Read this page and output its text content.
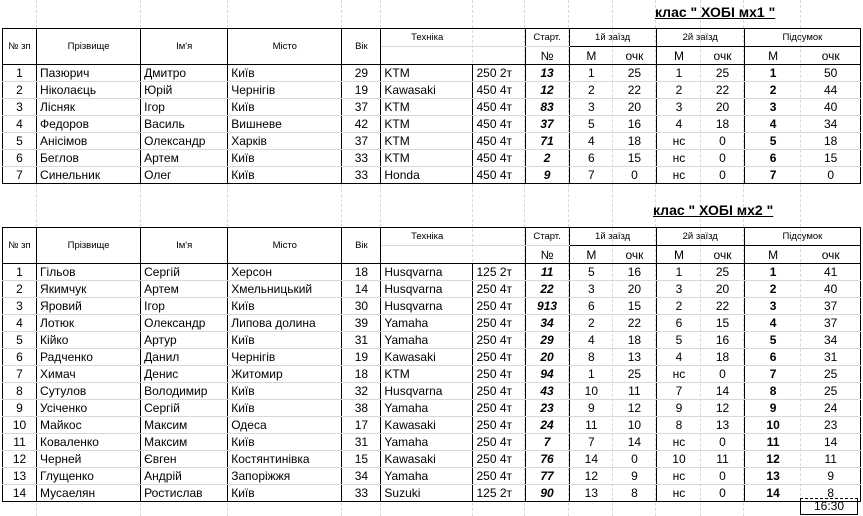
клас " ХОБІ мх1 "
№ зп	Прізвище	Ім'я	Місто	Вік	Техніка		Старт.	1й заїзд		2й заїзд		Підсумок	
							№	М	очк	М	очк	М	очк
1	Пазюрич	Дмитро	Київ	29	KTM	250 2т	13	1	25	1	25	1	50
2	Ніколаєць	Юрій	Чернігів	19	Kawasaki	450 4т	12	2	22	2	22	2	44
3	Лісняк	Ігор	Київ	37	KTM	450 4т	83	3	20	3	20	3	40
4	Федоров	Василь	Вишневе	42	KTM	450 4т	37	5	16	4	18	4	34
5	Анісімов	Олександр	Харків	37	KTM	450 4т	71	4	18	нс	0	5	18
6	Беглов	Артем	Київ	33	KTM	450 4т	2	6	15	нс	0	6	15
7	Синельник	Олег	Київ	33	Honda	450 4т	9	7	0	нс	0	7	0
клас " ХОБІ мх2 "
№ зп	Прізвище	Ім'я	Місто	Вік	Техніка		Старт.	1й заїзд		2й заїзд		Підсумок	
							№	М	очк	М	очк	М	очк
1	Гільов	Сергій	Херсон	18	Husqvarna	125 2т	11	5	16	1	25	1	41
2	Якимчук	Артем	Хмельницький	14	Husqvarna	250 4т	22	3	20	3	20	2	40
3	Яровий	Ігор	Київ	30	Husqvarna	250 4т	913	6	15	2	22	3	37
4	Лотюк	Олександр	Липова долина	39	Yamaha	250 4т	34	2	22	6	15	4	37
5	Кійко	Артур	Київ	31	Yamaha	250 4т	29	4	18	5	16	5	34
6	Радченко	Данил	Чернігів	19	Kawasaki	250 4т	20	8	13	4	18	6	31
7	Химач	Денис	Житомир	18	KTM	250 4т	94	1	25	нс	0	7	25
8	Сутулов	Володимир	Київ	32	Husqvarna	250 4т	43	10	11	7	14	8	25
9	Усіченко	Сергій	Київ	38	Yamaha	250 4т	23	9	12	9	12	9	24
10	Майкос	Максим	Одеса	17	Kawasaki	250 4т	24	11	10	8	13	10	23
11	Коваленко	Максим	Київ	31	Yamaha	250 4т	7	7	14	нс	0	11	14
12	Черней	Євген	Костянтинівка	15	Kawasaki	250 4т	76	14	0	10	11	12	11
13	Глущенко	Андрій	Запоріжжя	34	Yamaha	250 4т	77	12	9	нс	0	13	9
14	Мусаелян	Ростислав	Київ	33	Suzuki	125 2т	90	13	8	нс	0	14	8
16:30
